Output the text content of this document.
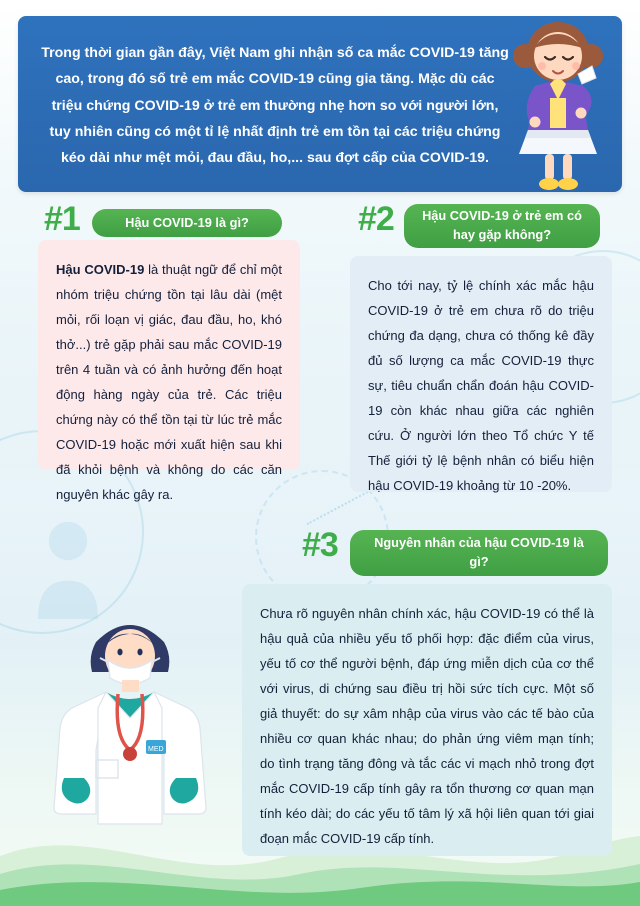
Trong thời gian gần đây, Việt Nam ghi nhận số ca mắc COVID-19 tăng cao, trong đó số trẻ em mắc COVID-19 cũng gia tăng. Mặc dù các triệu chứng COVID-19 ở trẻ em thường nhẹ hơn so với người lớn, tuy nhiên cũng có một tỉ lệ nhất định trẻ em tồn tại các triệu chứng kéo dài như mệt mỏi, đau đầu, ho,... sau đợt cấp của COVID-19.
#1	Hậu COVID-19 là gì?
Hậu COVID-19 là thuật ngữ để chỉ một nhóm triệu chứng tồn tại lâu dài (mệt mỏi, rối loạn vị giác, đau đầu, ho, khó thở...) trẻ gặp phải sau mắc COVID-19 trên 4 tuần và có ảnh hưởng đến hoạt động hàng ngày của trẻ. Các triệu chứng này có thể tồn tại từ lúc trẻ mắc COVID-19 hoặc mới xuất hiện sau khi đã khỏi bệnh và không do các căn nguyên khác gây ra.
#2	Hậu COVID-19 ở trẻ em có hay gặp không?
Cho tới nay, tỷ lệ chính xác mắc hậu COVID-19 ở trẻ em chưa rõ do triệu chứng đa dạng, chưa có thống kê đầy đủ số lượng ca mắc COVID-19 thực sự, tiêu chuẩn chẩn đoán hậu COVID-19 còn khác nhau giữa các nghiên cứu. Ở người lớn theo Tổ chức Y tế Thế giới tỷ lệ bệnh nhân có biểu hiện hậu COVID-19 khoảng từ 10 -20%.
#3	Nguyên nhân của hậu COVID-19 là gì?
Chưa rõ nguyên nhân chính xác, hậu COVID-19 có thể là hậu quả của nhiều yếu tố phối hợp: đặc điểm của virus, yếu tố cơ thể người bệnh, đáp ứng miễn dịch của cơ thể với virus, di chứng sau điều trị hồi sức tích cực. Một số giả thuyết: do sự xâm nhập của virus vào các tế bào của nhiều cơ quan khác nhau; do phản ứng viêm mạn tính; do tình trạng tăng đông và tắc các vi mạch nhỏ trong đợt mắc COVID-19 cấp tính gây ra tổn thương cơ quan mạn tính kéo dài; do các yếu tố tâm lý xã hội liên quan tới giai đoạn mắc COVID-19 cấp tính.
MED
